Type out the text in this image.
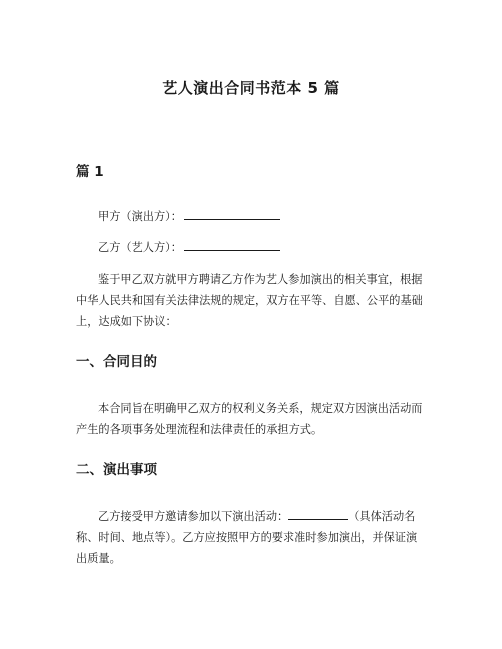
艺人演出合同书范本 5 篇
篇 1
甲方（演出方）：
乙方（艺人方）：

鉴于甲乙双方就甲方聘请乙方作为艺人参加演出的相关事宜，根据中华人民共和国有关法律法规的规定，双方在平等、自愿、公平的基础上，达成如下协议：

一、合同目的

本合同旨在明确甲乙双方的权利义务关系，规定双方因演出活动而产生的各项事务处理流程和法律责任的承担方式。

二、演出事项

乙方接受甲方邀请参加以下演出活动：	（具体活动名称、时间、地点等）。乙方应按照甲方的要求准时参加演出，并保证演出质量。
